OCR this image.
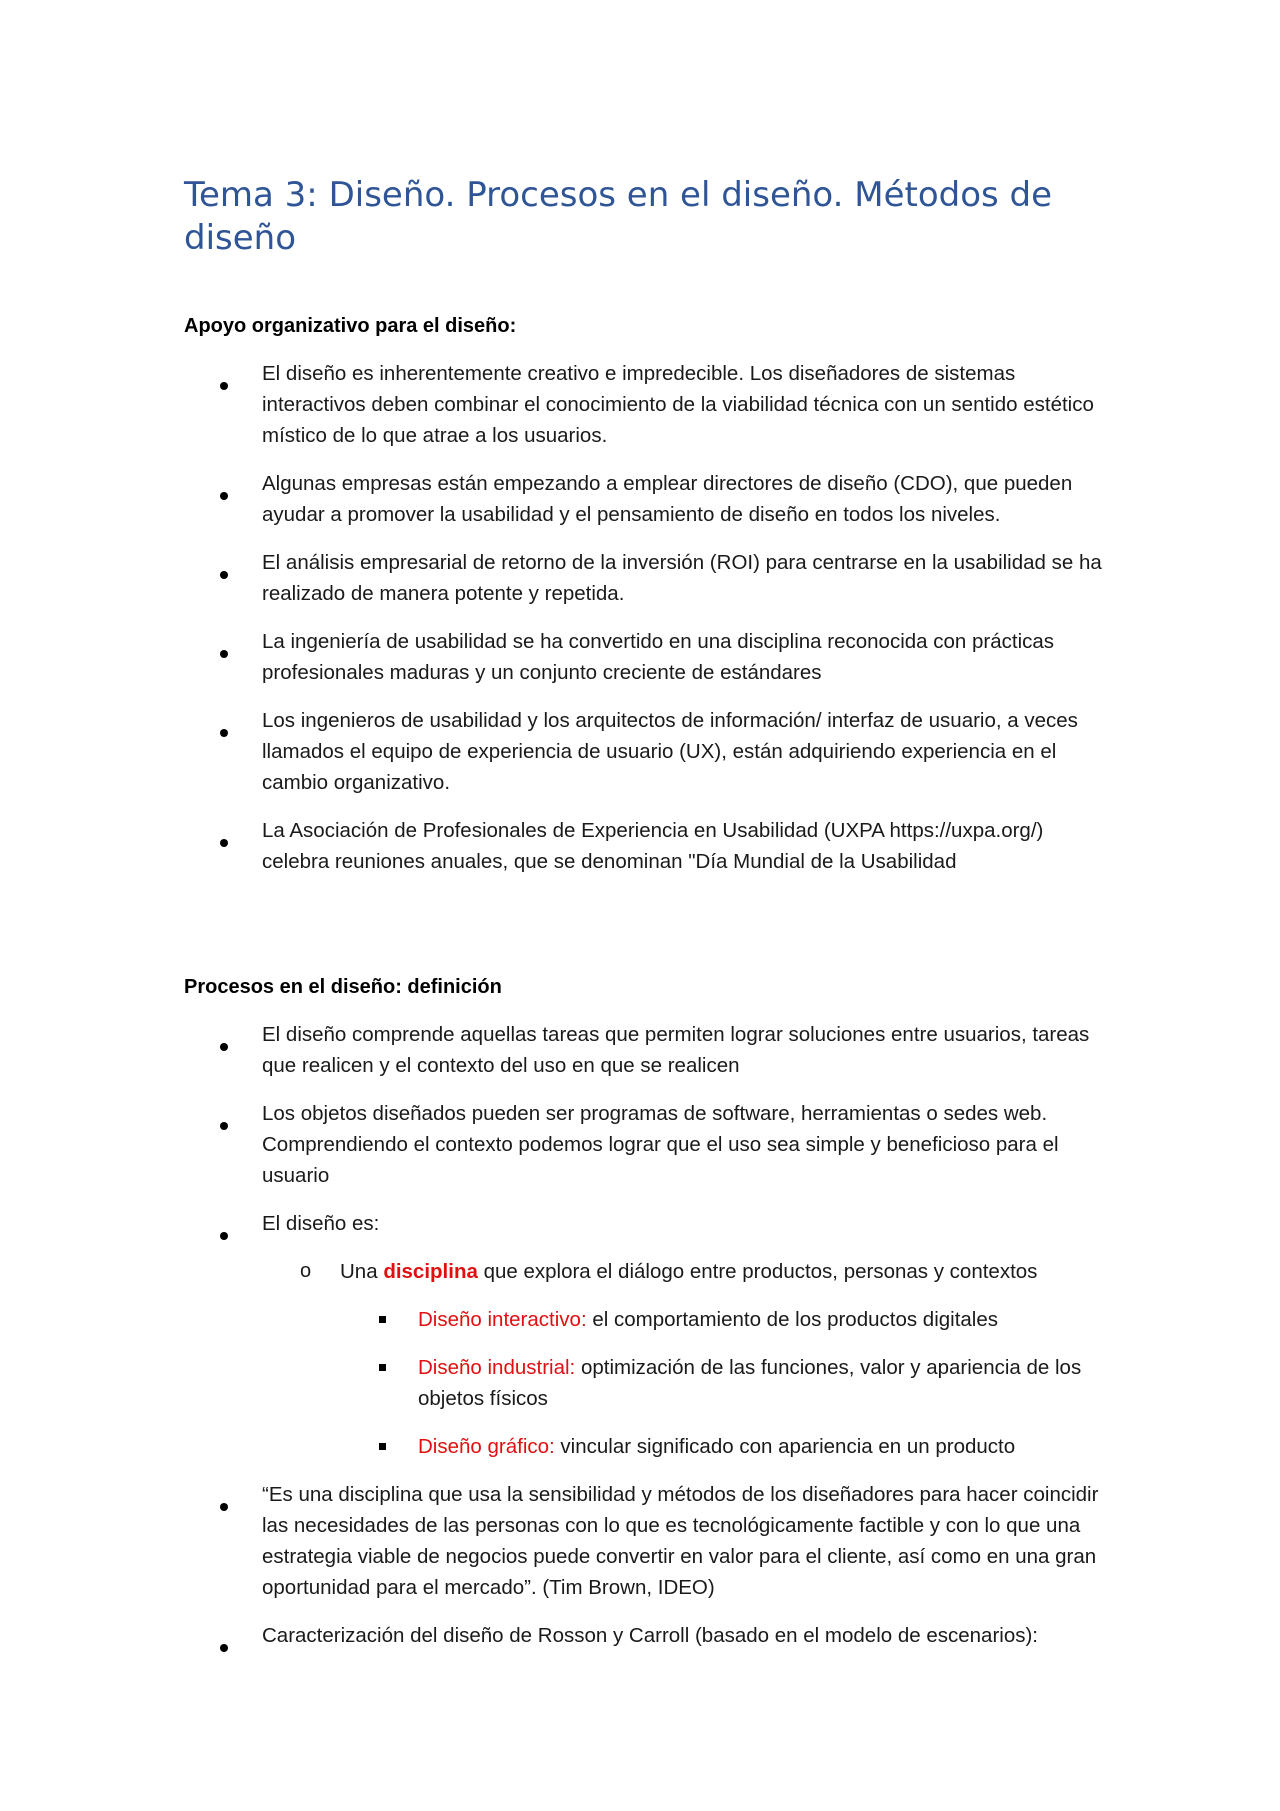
Tema 3: Diseño. Procesos en el diseño. Métodos de diseño
Apoyo organizativo para el diseño:
El diseño es inherentemente creativo e impredecible. Los diseñadores de sistemas interactivos deben combinar el conocimiento de la viabilidad técnica con un sentido estético místico de lo que atrae a los usuarios.
Algunas empresas están empezando a emplear directores de diseño (CDO), que pueden ayudar a promover la usabilidad y el pensamiento de diseño en todos los niveles.
El análisis empresarial de retorno de la inversión (ROI) para centrarse en la usabilidad se ha realizado de manera potente y repetida.
La ingeniería de usabilidad se ha convertido en una disciplina reconocida con prácticas profesionales maduras y un conjunto creciente de estándares
Los ingenieros de usabilidad y los arquitectos de información/ interfaz de usuario, a veces llamados el equipo de experiencia de usuario (UX), están adquiriendo experiencia en el cambio organizativo.
La Asociación de Profesionales de Experiencia en Usabilidad (UXPA https://uxpa.org/) celebra reuniones anuales, que se denominan "Día Mundial de la Usabilidad
Procesos en el diseño: definición
El diseño comprende aquellas tareas que permiten lograr soluciones entre usuarios, tareas que realicen y el contexto del uso en que se realicen
Los objetos diseñados pueden ser programas de software, herramientas o sedes web. Comprendiendo el contexto podemos lograr que el uso sea simple y beneficioso para el usuario
El diseño es:
o Una disciplina que explora el diálogo entre productos, personas y contextos
Diseño interactivo: el comportamiento de los productos digitales
Diseño industrial: optimización de las funciones, valor y apariencia de los objetos físicos
Diseño gráfico: vincular significado con apariencia en un producto
“Es una disciplina que usa la sensibilidad y métodos de los diseñadores para hacer coincidir las necesidades de las personas con lo que es tecnológicamente factible y con lo que una estrategia viable de negocios puede convertir en valor para el cliente, así como en una gran oportunidad para el mercado”. (Tim Brown, IDEO)
Caracterización del diseño de Rosson y Carroll (basado en el modelo de escenarios):
